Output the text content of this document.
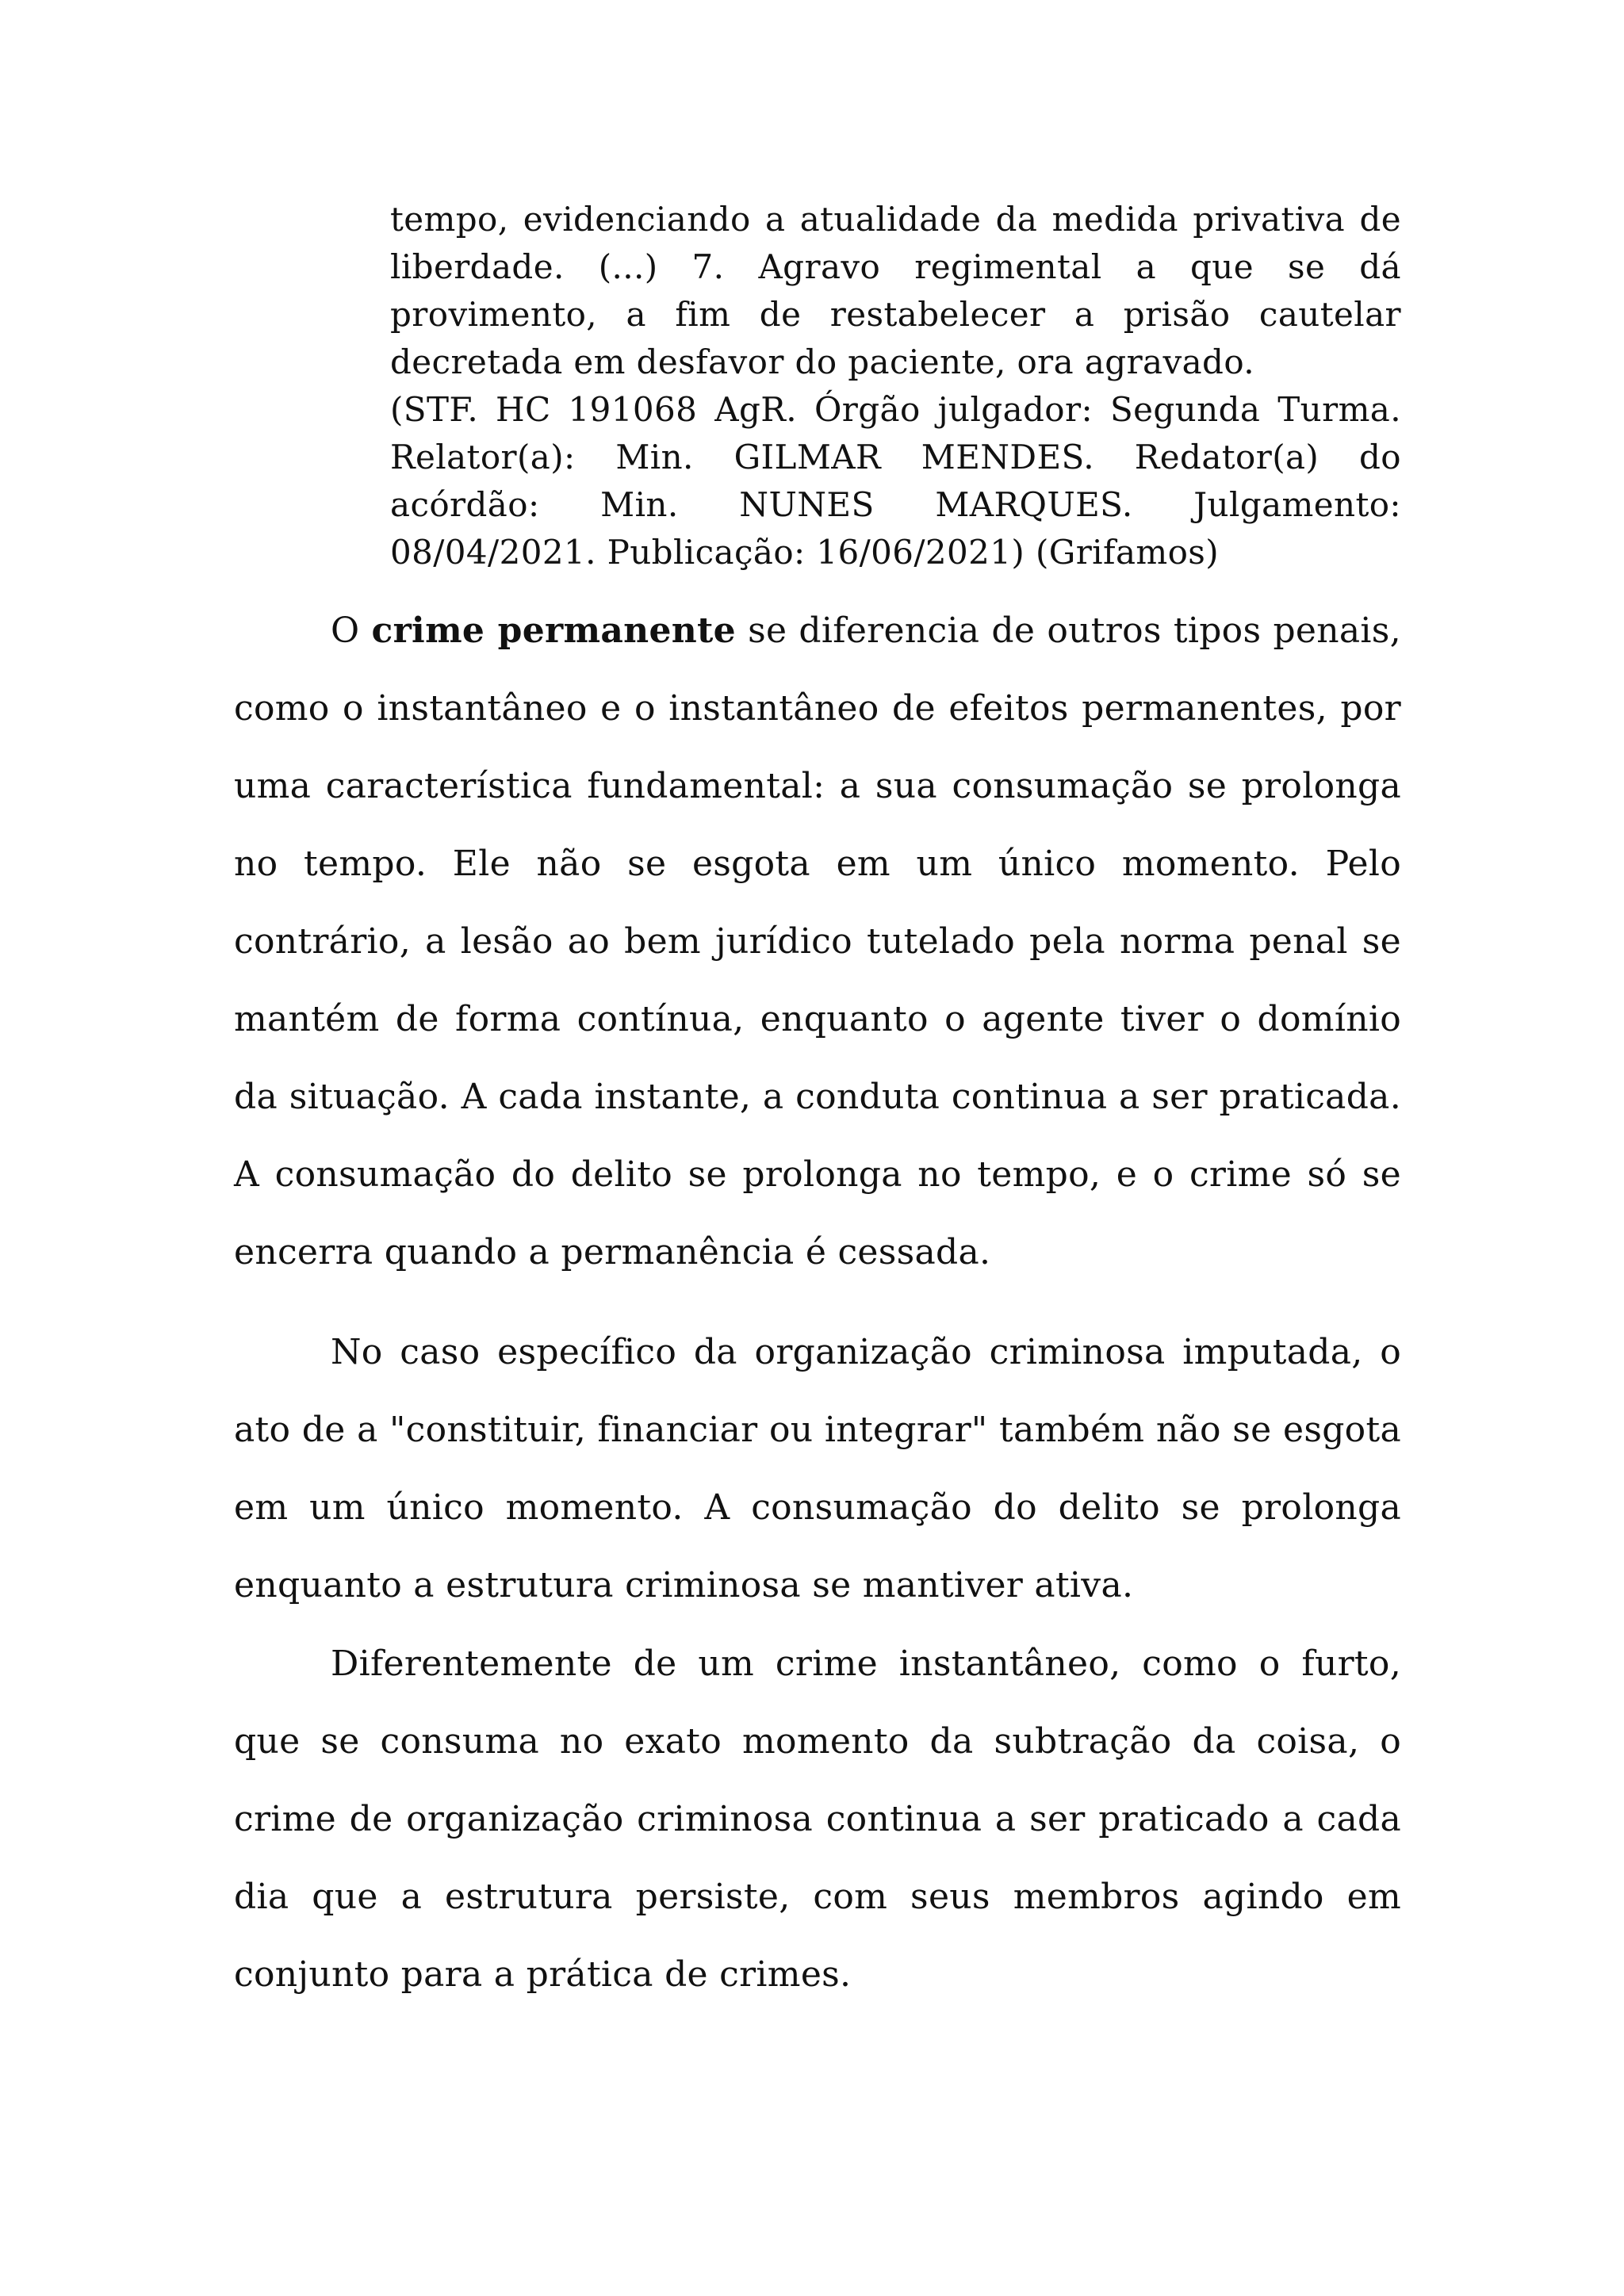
tempo, evidenciando a atualidade da medida privativa de liberdade. (...) 7. Agravo regimental a que se dá provimento, a fim de restabelecer a prisão cautelar decretada em desfavor do paciente, ora agravado.

(STF. HC 191068 AgR. Órgão julgador: Segunda Turma. Relator(a): Min. GILMAR MENDES. Redator(a) do acórdão: Min. NUNES MARQUES. Julgamento: 08/04/2021. Publicação: 16/06/2021) (Grifamos)

O crime permanente se diferencia de outros tipos penais, como o instantâneo e o instantâneo de efeitos permanentes, por uma característica fundamental: a sua consumação se prolonga no tempo. Ele não se esgota em um único momento. Pelo contrário, a lesão ao bem jurídico tutelado pela norma penal se mantém de forma contínua, enquanto o agente tiver o domínio da situação. A cada instante, a conduta continua a ser praticada. A consumação do delito se prolonga no tempo, e o crime só se encerra quando a permanência é cessada.

No caso específico da organização criminosa imputada, o ato de a "constituir, financiar ou integrar" também não se esgota em um único momento. A consumação do delito se prolonga enquanto a estrutura criminosa se mantiver ativa.

Diferentemente de um crime instantâneo, como o furto, que se consuma no exato momento da subtração da coisa, o crime de organização criminosa continua a ser praticado a cada dia que a estrutura persiste, com seus membros agindo em conjunto para a prática de crimes.
